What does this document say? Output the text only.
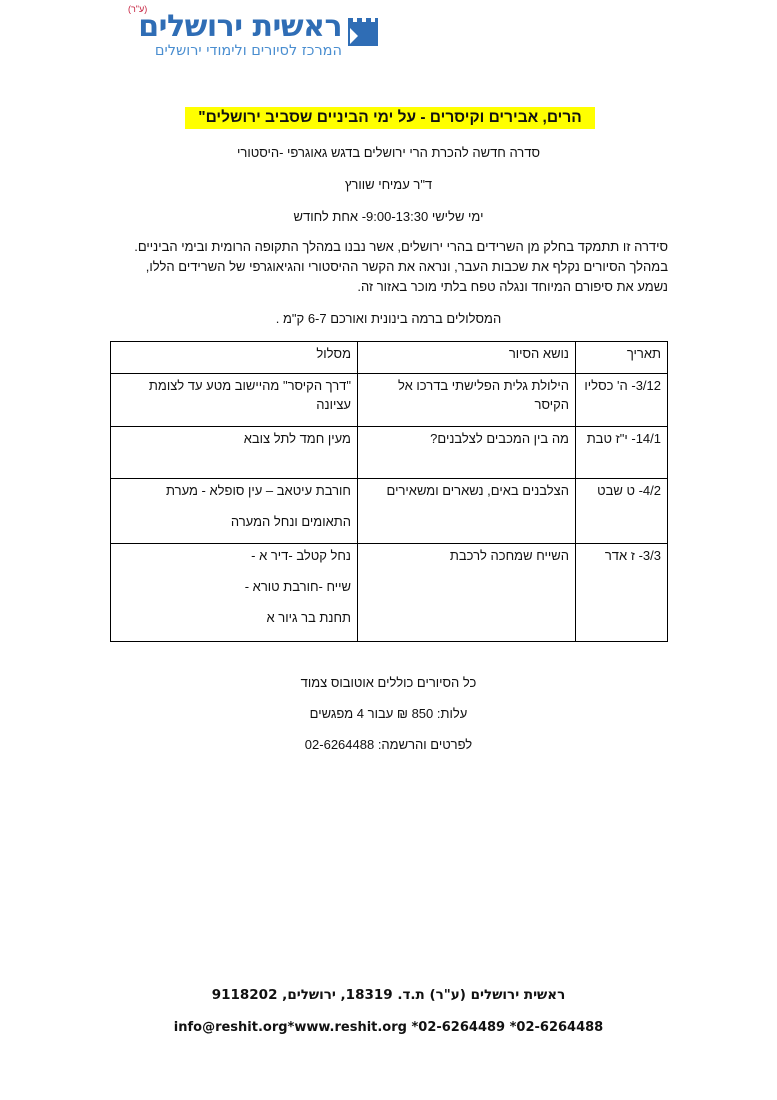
(ע"ר)
ראשית ירושלים
המרכז לסיורים ולימודי ירושלים
הרים, אבירים וקיסרים - על ימי הביניים שסביב ירושלים"
סדרה חדשה להכרת הרי ירושלים בדגש גאוגרפי -היסטורי
ד"ר עמיחי שוורץ
ימי שלישי 9:00-13:30- אחת לחודש
סידרה זו תתמקד בחלק מן השרידים בהרי ירושלים, אשר נבנו במהלך התקופה הרומית ובימי הביניים. במהלך הסיורים נקלף את שכבות העבר, ונראה את הקשר ההיסטורי והגיאוגרפי של השרידים הללו, נשמע את סיפורם המיוחד ונגלה טפח בלתי מוכר באזור זה.
המסלולים ברמה בינונית ואורכם 6-7 ק"מ .
תאריך	נושא הסיור	מסלול
3/12- ה' כסליו	הילולת גלית הפלישתי בדרכו אל הקיסר	"דרך הקיסר" מהיישוב מטע עד לצומת עציונה

14/1- י"ז טבת	מה בין המכבים לצלבנים?	מעין חמד לתל צובא

4/2- ט שבט	הצלבנים באים, נשארים ומשאירים	חורבת עיטאב – עין סופלא - מערת

התאומים ונחל המערה

3/3- ז אדר	השייח שמחכה לרכבת	נחל קטלב -דיר א -

שייח -חורבת טורא -

תחנת בר גיור א

כל הסיורים כוללים אוטובוס צמוד
עלות: 850 ₪ עבור 4 מפגשים
לפרטים והרשמה: 02-6264488
ראשית ירושלים (ע"ר) ת.ד. 18319, ירושלים, 9118202
info@reshit.org*www.reshit.org *02-6264489 *02-6264488
